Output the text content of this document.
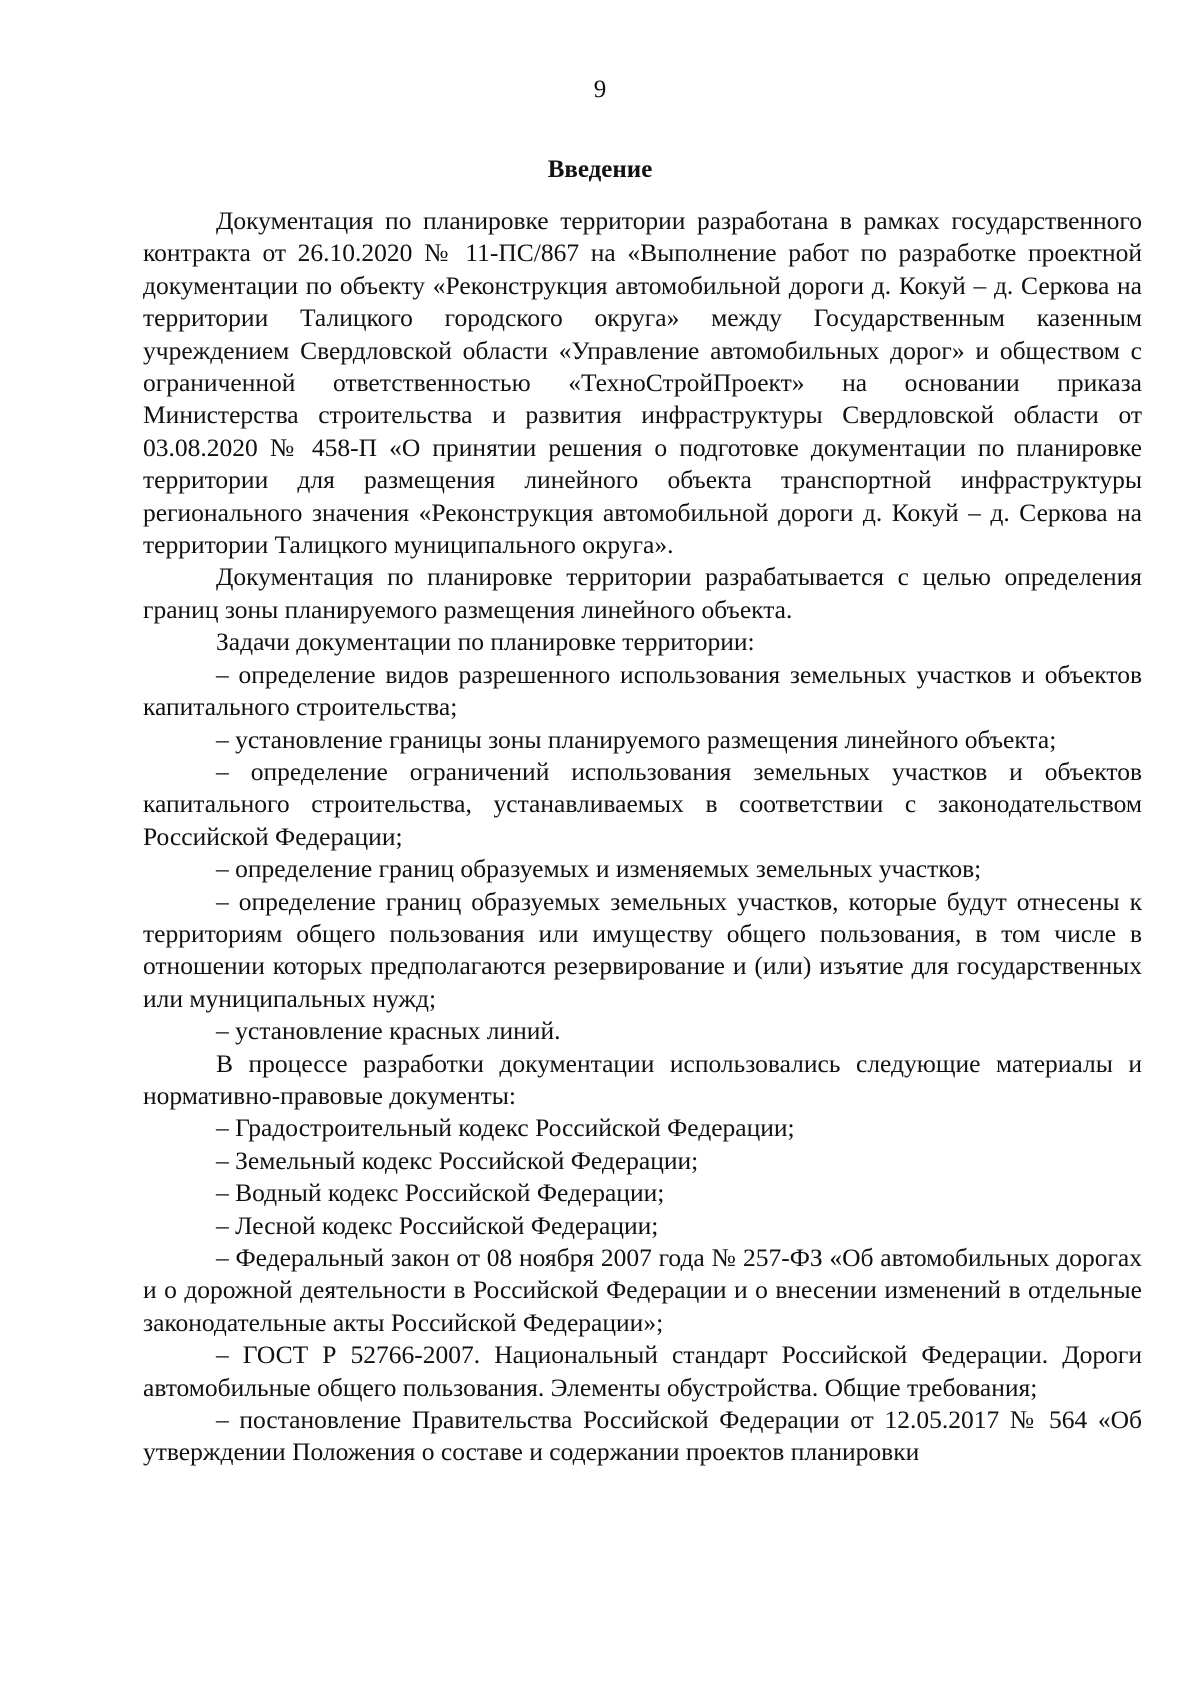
9
Введение

Документация по планировке территории разработана в рамках государственного контракта от 26.10.2020 № 11-ПС/867 на «Выполнение работ по разработке проектной документации по объекту «Реконструкция автомобильной дороги д. Кокуй – д. Серкова на территории Талицкого городского округа» между Государственным казенным учреждением Свердловской области «Управление автомобильных дорог» и обществом с ограниченной ответственностью «ТехноСтройПроект» на основании приказа Министерства строительства и развития инфраструктуры Свердловской области от 03.08.2020 № 458-П «О принятии решения о подготовке документации по планировке территории для размещения линейного объекта транспортной инфраструктуры регионального значения «Реконструкция автомобильной дороги д. Кокуй – д. Серкова на территории Талицкого муниципального округа».

Документация по планировке территории разрабатывается с целью определения границ зоны планируемого размещения линейного объекта.

Задачи документации по планировке территории:

– определение видов разрешенного использования земельных участков и объектов капитального строительства;

– установление границы зоны планируемого размещения линейного объекта;

– определение ограничений использования земельных участков и объектов капитального строительства, устанавливаемых в соответствии с законодательством Российской Федерации;

– определение границ образуемых и изменяемых земельных участков;

– определение границ образуемых земельных участков, которые будут отнесены к территориям общего пользования или имуществу общего пользования, в том числе в отношении которых предполагаются резервирование и (или) изъятие для государственных или муниципальных нужд;

– установление красных линий.

В процессе разработки документации использовались следующие материалы и нормативно-правовые документы:

– Градостроительный кодекс Российской Федерации;

– Земельный кодекс Российской Федерации;

– Водный кодекс Российской Федерации;

– Лесной кодекс Российской Федерации;

– Федеральный закон от 08 ноября 2007 года № 257-ФЗ «Об автомобильных дорогах и о дорожной деятельности в Российской Федерации и о внесении изменений в отдельные законодательные акты Российской Федерации»;

– ГОСТ Р 52766-2007. Национальный стандарт Российской Федерации. Дороги автомобильные общего пользования. Элементы обустройства. Общие требования;

– постановление Правительства Российской Федерации от 12.05.2017 № 564 «Об утверждении Положения о составе и содержании проектов планировки
